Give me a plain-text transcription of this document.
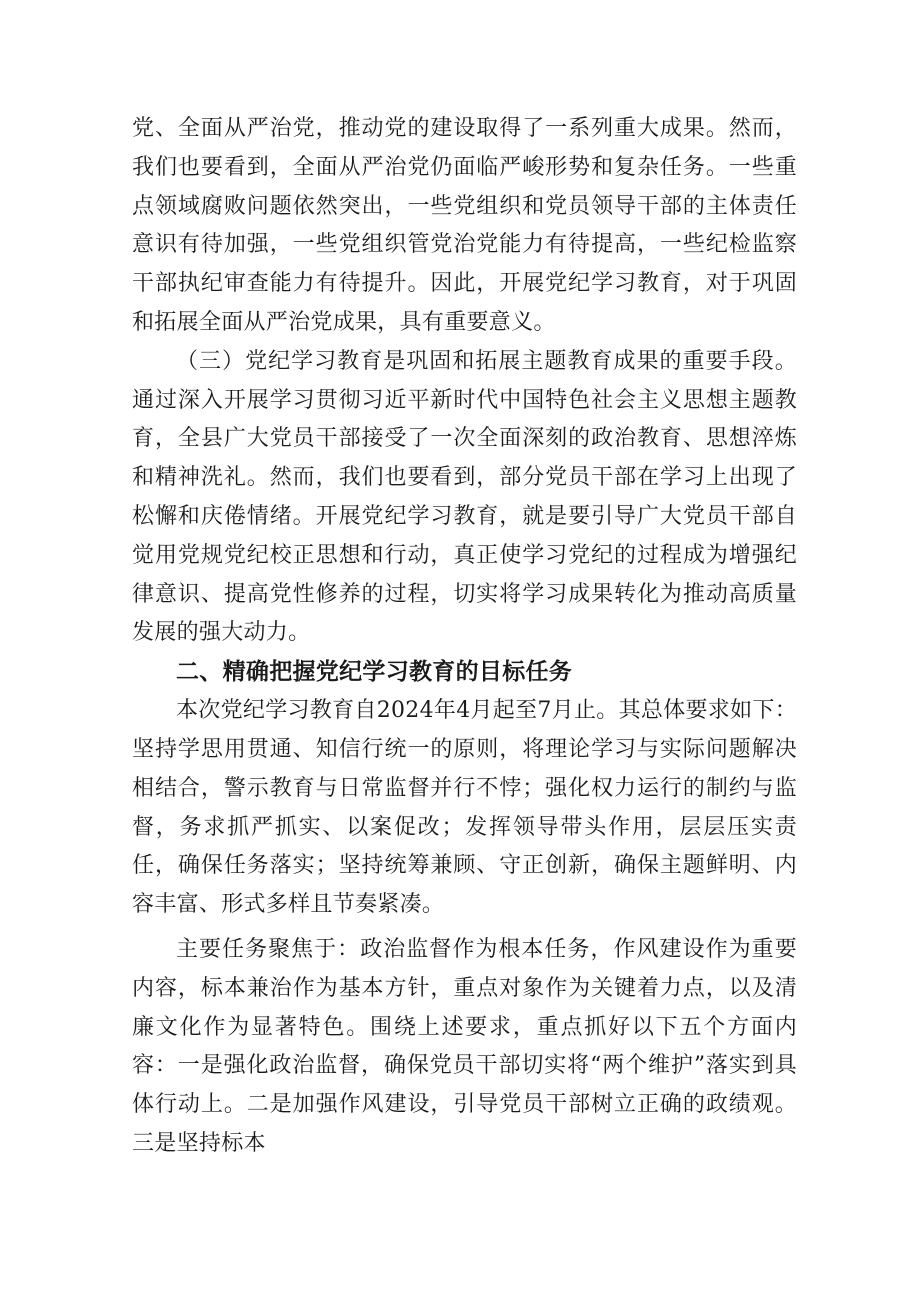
党、全面从严治党，推动党的建设取得了一系列重大成果。然而，我们也要看到，全面从严治党仍面临严峻形势和复杂任务。一些重点领域腐败问题依然突出，一些党组织和党员领导干部的主体责任意识有待加强，一些党组织管党治党能力有待提高，一些纪检监察干部执纪审查能力有待提升。因此，开展党纪学习教育，对于巩固和拓展全面从严治党成果，具有重要意义。

（三）党纪学习教育是巩固和拓展主题教育成果的重要手段。通过深入开展学习贯彻习近平新时代中国特色社会主义思想主题教育，全县广大党员干部接受了一次全面深刻的政治教育、思想淬炼和精神洗礼。然而，我们也要看到，部分党员干部在学习上出现了松懈和庆倦情绪。开展党纪学习教育，就是要引导广大党员干部自觉用党规党纪校正思想和行动，真正使学习党纪的过程成为增强纪律意识、提高党性修养的过程，切实将学习成果转化为推动高质量发展的强大动力。

二、精确把握党纪学习教育的目标任务

本次党纪学习教育自2024年4月起至7月止。其总体要求如下：坚持学思用贯通、知信行统一的原则，将理论学习与实际问题解决相结合，警示教育与日常监督并行不悖；强化权力运行的制约与监督，务求抓严抓实、以案促改；发挥领导带头作用，层层压实责任，确保任务落实；坚持统筹兼顾、守正创新，确保主题鲜明、内容丰富、形式多样且节奏紧凑。

主要任务聚焦于：政治监督作为根本任务，作风建设作为重要内容，标本兼治作为基本方针，重点对象作为关键着力点，以及清廉文化作为显著特色。围绕上述要求，重点抓好以下五个方面内容：一是强化政治监督，确保党员干部切实将“两个维护”落实到具体行动上。二是加强作风建设，引导党员干部树立正确的政绩观。三是坚持标本
